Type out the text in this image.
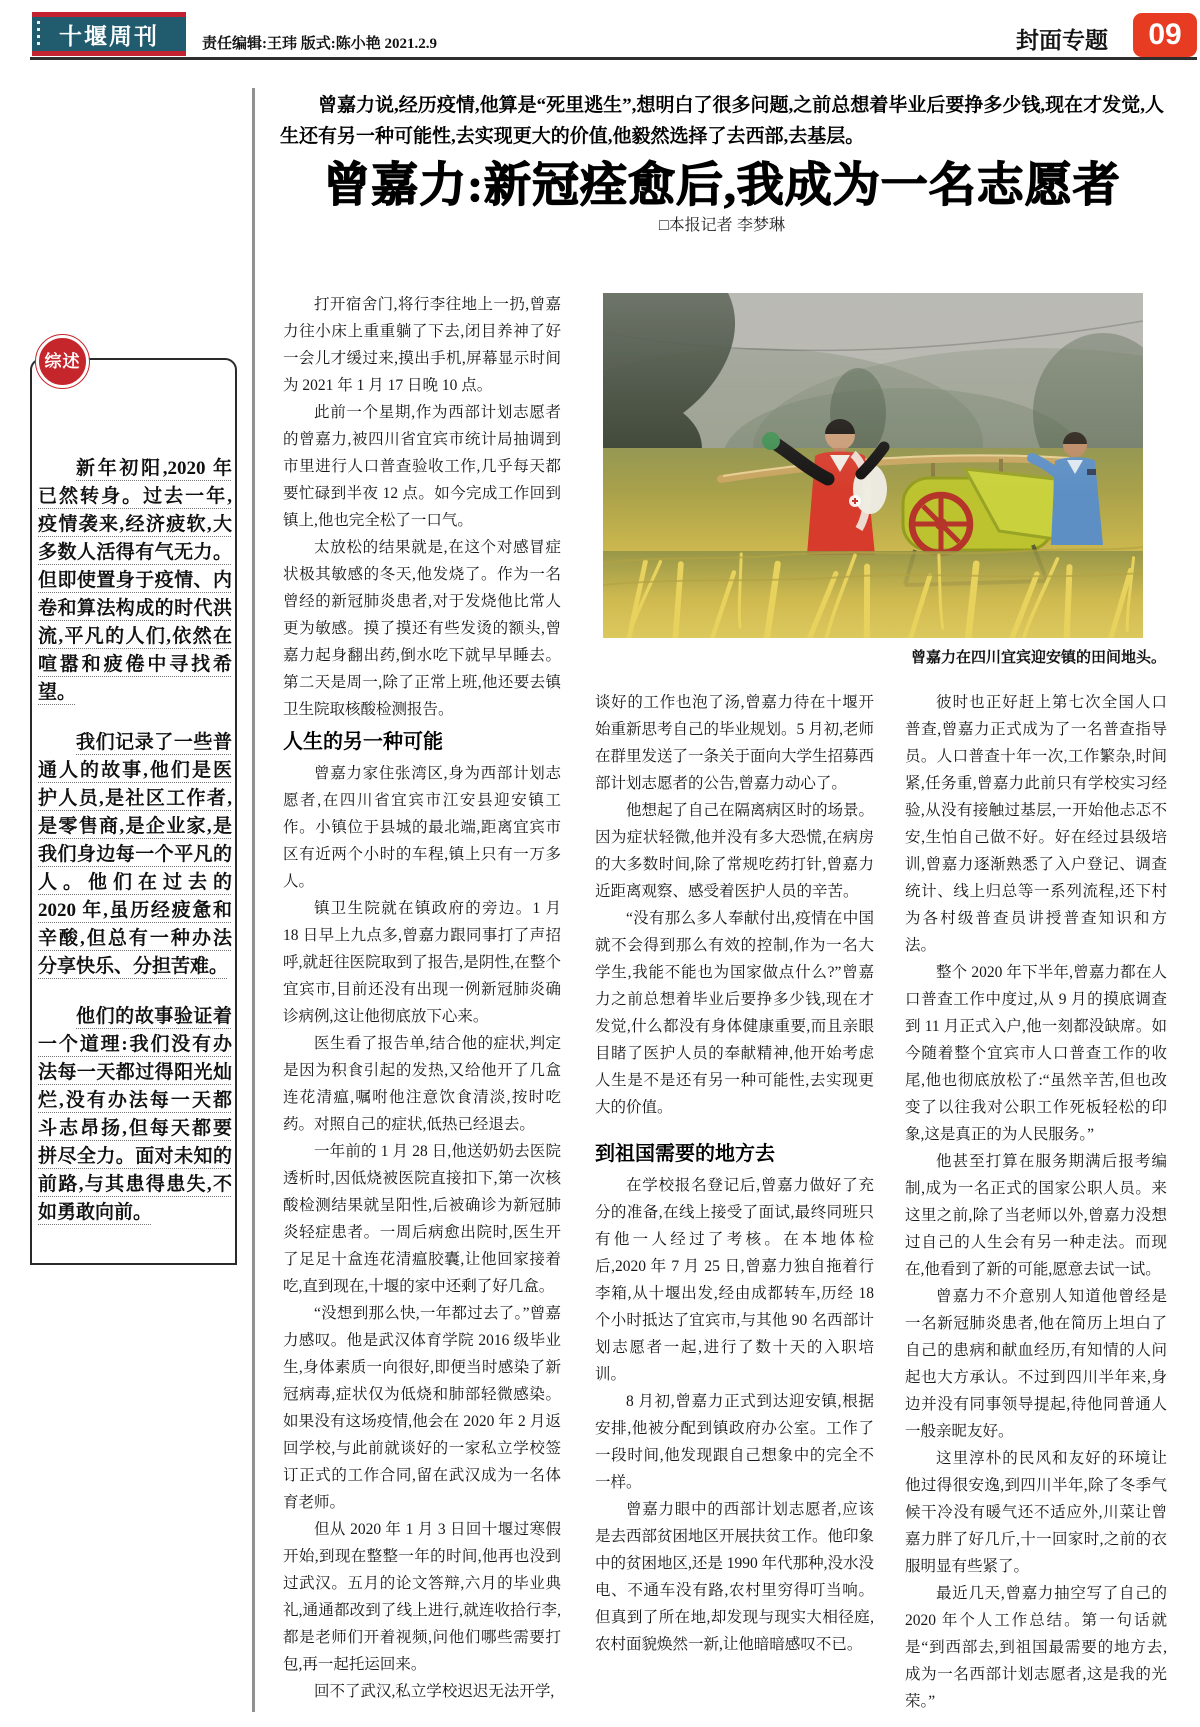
十堰周刊	责任编辑:王玮 版式:陈小艳 2021.2.9	封面专题	09
曾嘉力说,经历疫情,他算是“死里逃生”,想明白了很多问题,之前总想着毕业后要挣多少钱,现在才发觉,人生还有另一种可能性,去实现更大的价值,他毅然选择了去西部,去基层。
曾嘉力:新冠痊愈后,我成为一名志愿者
□本报记者 李梦琳
综述

新年初阳,2020 年已然转身。过去一年,疫情袭来,经济疲软,大多数人活得有气无力。但即使置身于疫情、内卷和算法构成的时代洪流,平凡的人们,依然在喧嚣和疲倦中寻找希望。

我们记录了一些普通人的故事,他们是医护人员,是社区工作者,是零售商,是企业家,是我们身边每一个平凡的人。他们在过去的 2020 年,虽历经疲惫和辛酸,但总有一种办法分享快乐、分担苦难。

他们的故事验证着一个道理:我们没有办法每一天都过得阳光灿烂,没有办法每一天都斗志昂扬,但每天都要拼尽全力。面对未知的前路,与其患得患失,不如勇敢向前。

曾嘉力在四川宜宾迎安镇的田间地头。

打开宿舍门,将行李往地上一扔,曾嘉力往小床上重重躺了下去,闭目养神了好一会儿才缓过来,摸出手机,屏幕显示时间为 2021 年 1 月 17 日晚 10 点。

此前一个星期,作为西部计划志愿者的曾嘉力,被四川省宜宾市统计局抽调到市里进行人口普查验收工作,几乎每天都要忙碌到半夜 12 点。如今完成工作回到镇上,他也完全松了一口气。

太放松的结果就是,在这个对感冒症状极其敏感的冬天,他发烧了。作为一名曾经的新冠肺炎患者,对于发烧他比常人更为敏感。摸了摸还有些发烫的额头,曾嘉力起身翻出药,倒水吃下就早早睡去。第二天是周一,除了正常上班,他还要去镇卫生院取核酸检测报告。

人生的另一种可能

曾嘉力家住张湾区,身为西部计划志愿者,在四川省宜宾市江安县迎安镇工作。小镇位于县城的最北端,距离宜宾市区有近两个小时的车程,镇上只有一万多人。

镇卫生院就在镇政府的旁边。1 月 18 日早上九点多,曾嘉力跟同事打了声招呼,就赶往医院取到了报告,是阴性,在整个宜宾市,目前还没有出现一例新冠肺炎确诊病例,这让他彻底放下心来。

医生看了报告单,结合他的症状,判定是因为积食引起的发热,又给他开了几盒连花清瘟,嘱咐他注意饮食清淡,按时吃药。对照自己的症状,低热已经退去。

一年前的 1 月 28 日,他送奶奶去医院透析时,因低烧被医院直接扣下,第一次核酸检测结果就呈阳性,后被确诊为新冠肺炎轻症患者。一周后病愈出院时,医生开了足足十盒连花清瘟胶囊,让他回家接着吃,直到现在,十堰的家中还剩了好几盒。

“没想到那么快,一年都过去了。”曾嘉力感叹。他是武汉体育学院 2016 级毕业生,身体素质一向很好,即便当时感染了新冠病毒,症状仅为低烧和肺部轻微感染。如果没有这场疫情,他会在 2020 年 2 月返回学校,与此前就谈好的一家私立学校签订正式的工作合同,留在武汉成为一名体育老师。

但从 2020 年 1 月 3 日回十堰过寒假开始,到现在整整一年的时间,他再也没到过武汉。五月的论文答辩,六月的毕业典礼,通通都改到了线上进行,就连收拾行李,都是老师们开着视频,问他们哪些需要打包,再一起托运回来。

回不了武汉,私立学校迟迟无法开学,

谈好的工作也泡了汤,曾嘉力待在十堰开始重新思考自己的毕业规划。5 月初,老师在群里发送了一条关于面向大学生招募西部计划志愿者的公告,曾嘉力动心了。

他想起了自己在隔离病区时的场景。因为症状轻微,他并没有多大恐慌,在病房的大多数时间,除了常规吃药打针,曾嘉力近距离观察、感受着医护人员的辛苦。

“没有那么多人奉献付出,疫情在中国就不会得到那么有效的控制,作为一名大学生,我能不能也为国家做点什么?”曾嘉力之前总想着毕业后要挣多少钱,现在才发觉,什么都没有身体健康重要,而且亲眼目睹了医护人员的奉献精神,他开始考虑人生是不是还有另一种可能性,去实现更大的价值。

到祖国需要的地方去

在学校报名登记后,曾嘉力做好了充分的准备,在线上接受了面试,最终同班只有他一人经过了考核。在本地体检后,2020 年 7 月 25 日,曾嘉力独自拖着行李箱,从十堰出发,经由成都转车,历经 18 个小时抵达了宜宾市,与其他 90 名西部计划志愿者一起,进行了数十天的入职培训。

8 月初,曾嘉力正式到达迎安镇,根据安排,他被分配到镇政府办公室。工作了一段时间,他发现跟自己想象中的完全不一样。

曾嘉力眼中的西部计划志愿者,应该是去西部贫困地区开展扶贫工作。他印象中的贫困地区,还是 1990 年代那种,没水没电、不通车没有路,农村里穷得叮当响。但真到了所在地,却发现与现实大相径庭,农村面貌焕然一新,让他暗暗感叹不已。

彼时也正好赶上第七次全国人口普查,曾嘉力正式成为了一名普查指导员。人口普查十年一次,工作繁杂,时间紧,任务重,曾嘉力此前只有学校实习经验,从没有接触过基层,一开始他忐忑不安,生怕自己做不好。好在经过县级培训,曾嘉力逐渐熟悉了入户登记、调查统计、线上归总等一系列流程,还下村为各村级普查员讲授普查知识和方法。

整个 2020 年下半年,曾嘉力都在人口普查工作中度过,从 9 月的摸底调查到 11 月正式入户,他一刻都没缺席。如今随着整个宜宾市人口普查工作的收尾,他也彻底放松了:“虽然辛苦,但也改变了以往我对公职工作死板轻松的印象,这是真正的为人民服务。”

他甚至打算在服务期满后报考编制,成为一名正式的国家公职人员。来这里之前,除了当老师以外,曾嘉力没想过自己的人生会有另一种走法。而现在,他看到了新的可能,愿意去试一试。

曾嘉力不介意别人知道他曾经是一名新冠肺炎患者,他在简历上坦白了自己的患病和献血经历,有知情的人问起也大方承认。不过到四川半年来,身边并没有同事领导提起,待他同普通人一般亲昵友好。

这里淳朴的民风和友好的环境让他过得很安逸,到四川半年,除了冬季气候干冷没有暖气还不适应外,川菜让曾嘉力胖了好几斤,十一回家时,之前的衣服明显有些紧了。

最近几天,曾嘉力抽空写了自己的 2020 年个人工作总结。第一句话就是“到西部去,到祖国最需要的地方去,成为一名西部计划志愿者,这是我的光荣。”
